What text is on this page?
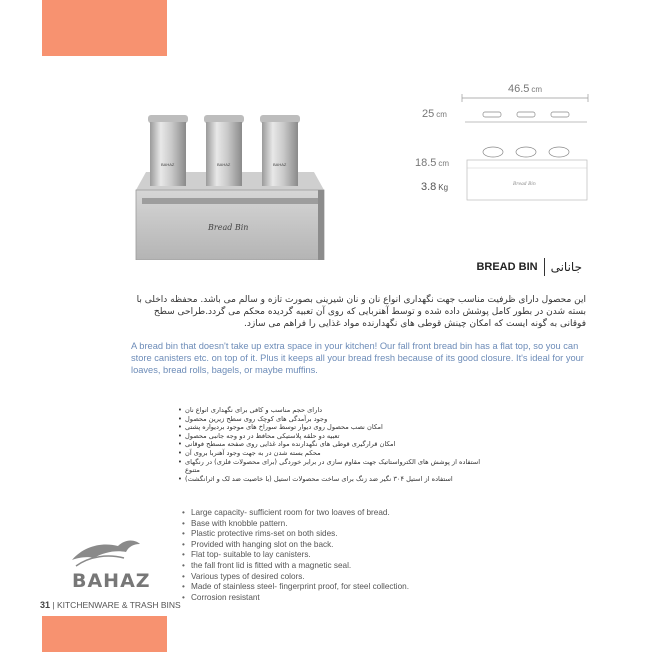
Bread Bin
BAHAZ	BAHAZ	BAHAZ
Bread Bin
46.5 cm
25 cm
18.5 cm
3.8 Kg
BREAD BIN جانانی
این محصول دارای ظرفیت مناسب جهت نگهداری انواع نان و نان شیرینی بصورت تازه و سالم می باشد. محفظه داخلی با بسته شدن در بطور کامل پوشش داده شده و توسط آهنربایی که روی آن تعبیه گردیده محکم می گردد.طراحی سطح فوقانی به گونه ایست که امکان چینش قوطی های نگهدارنده مواد غذایی را فراهم می سازد.
A bread bin that doesn't take up extra space in your kitchen! Our fall front bread bin has a flat top, so you can store canisters etc. on top of it. Plus it keeps all your bread fresh because of its good closure. It's ideal for your loaves, bread rolls, bagels, or maybe muffins.
دارای حجم مناسب و کافی برای نگهداری انواع نان •
وجود برآمدگی های کوچک روی سطح زیرین محصول •
امکان نصب محصول روی دیوار توسط سوراخ های موجود بردیواره پشتی •
تعبیه دو حلقه پلاستیکی محافظ در دو وجه جانبی محصول •
امکان قرارگیری قوطی های نگهدارنده مواد غذایی روی صفحه مسطح فوقانی •
محکم بسته شدن در به جهت وجود آهنربا بروی آن •
استفاده از پوشش های الکترواستاتیک جهت مقاوم سازی در برابر خوردگی (برای محصولات فلزی) در رنگهای متنوع •
استفاده از استیل ۳۰۴ نگیر ضد زنگ برای ساخت محصولات استیل (با خاصیت ضد لک و اثرانگشت) •
• Large capacity- sufficient room for two loaves of bread.
• Base with knobble pattern.
• Plastic protective rims-set on both sides.
• Provided with hanging slot on the back.
• Flat top- suitable to lay canisters.
• the fall front lid is fitted with a magnetic seal.
• Various types of desired colors.
• Made of stainless steel- fingerprint proof, for steel collection.
• Corrosion resistant
BAHAZ
31 | KITCHENWARE & TRASH BINS
